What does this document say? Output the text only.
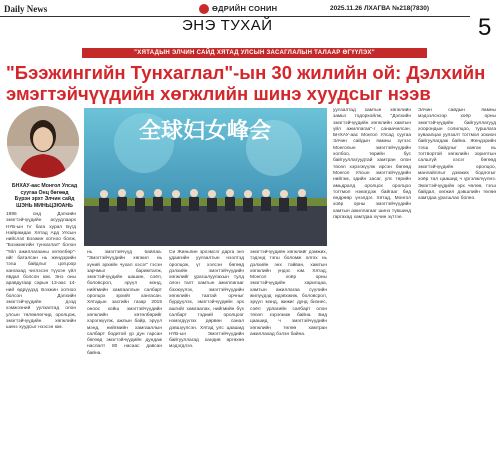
Daily News	ӨДРИЙН СОНИН	2025.11.26 ЛХАГВА №218(7830)
5
ЭНЭ ТУХАЙ
"ХЯТАДЫН ЭЛЧИН САЙД ХЯТАД УЛСЫН ЗАСАГЛАЛЫН ТАЛААР ӨГҮҮЛЭХ"
"Бээжингийн Тунхаглал"-ын 30 жилийн ой: Дэлхийн эмэгтэйчүүдийн хөгжлийн шинэ хуудсыг нээв
БНХАУ-аас Монгол Улсад
суугаа Онц бөгөөд
Бүрэн эрхт Элчин сайд
ШЭНЬ МИНЬЦЗЮАНЬ
全球妇女峰会
1995 онд Дэлхийн эмэгтэйчүүдийн асуудлаарх НҮБ-ын IV бага хурал Бүгд Найрамдах Хятад Ард Улсын нийслэл Бээжин хотноо болж, "Бээжингийн тунхаглал" болон "Үйл ажиллагааны хөтөлбөр"-ийг баталсан нь жендэрийн тэгш байдлыг цогцоор хангахад чиглэсэн түүхэн үйл явдал болсон юм. Энэ оны аравдугаар сарын 13-аас 14-ний өдрүүдэд Бээжин хотноо болсон Дэлхийн эмэгтэйчүүдийн дээд хэмжээний уулзалтад олон улсын төлөөлөгчид оролцож, эмэгтэйчүүдийн хөгжлийн шинэ хуудсыг нээсэн юм.
нь эмэгтэйчүүд байлаа. "Эмэгтэйчүүдийн хөгжил нь хүний эрхийн чухал хэсэг" гэсэн зарчмыг баримталж, эмэгтэйчүүдийн шашин, соёл, боловсрол, эрүүл мэнд, нийгмийн хамгааллын салбарт оролцох эрхийг хангасан. Хятадын засгийн газар 2015 оноос хойш эмэгтэйчүүдийн хөгжлийн хөтөлбөрийг хэрэгжүүлж, ажлын байр, эрүүл мэнд, нийгмийн хамгааллын салбарт бодитой үр дүн гарсан бөгөөд эмэгтэйчүүдийн дундаж наслалт 80 насаас давсан байна.
Си Жиньпин эрхэмсэг дарга энэ удаагийн уулзалтын нээлтэд оролцож, үг хэлсэн бөгөөд дэлхийн эмэгтэйчүүдийн хөгжлийг урагшлуулахын тулд олон талт хамтын ажиллагааг бэхжүүлэх, эмэгтэйчүүдийн хөгжлийн таатай орчныг бүрдүүлэх, эмэгтэйчүүдийн эрх ашгийг хамгаалах, нийгмийн бүх салбарт тэдний оролцоог нэмэгдүүлэх дөрвөн санал дэвшүүлсэн. Хятад улс цаашид НҮБ-ын Эмэгтэйчүүдийн байгууллагад хандив өргөхөө мэдэгдлээ.
эмэгтэйчүүдийн хөгжлийг дэмжих, тэдэнд тэгш боломж олгох нь дэлхийн энх тайван, хамтын хөгжлийн үндэс юм. Хятад, Монгол хоёр орны эмэгтэйчүүдийн харилцаа, хамтын ажиллагаа сүүлийн жилүүдэд идэвхжиж, боловсрол, эрүүл мэнд, жижиг дунд бизнес, соёл урлагийн салбарт олон төсөл хэрэгжиж байна. Бид цаашид ч эмэгтэйчүүдийн хөгжлийн төлөө хамтран ажиллахад бэлэн байна.
уулзалтад хамтын хөгжлийн замыг тодорхойлж, "Дэлхийн эмэгтэйчүүдийн хөгжлийн хамтын үйл ажиллагаа"-г санаачилсан. БНХАУ-аас Монгол Улсад суугаа Элчин сайдын яамны зүгээс Монголын эмэгтэйчүүдийн холбоо, төрийн бус байгууллагуудтай хамтран олон төсөл хэрэгжүүлж ирсэн бөгөөд Монгол Улсын эмэгтэйчүүдийн нийгэм, эдийн засаг, улс төрийн амьдралд оролцох оролцоо тогтмол нэмэгдэж байгааг бид өндрөөр үнэлдэг. Хятад, Монгол хоёр орны эмэгтэйчүүдийн хамтын ажиллагааг шинэ түвшинд гаргахад хамтдаа хүчин зүтгэе.
Элчин сайдын яамны мэдээлснээр хоёр орны эмэгтэйчүүдийн байгууллагууд хоорондын солилцоо, туршлага хуваалцах уулзалт тогтмол зохион байгуулагдаж байна. Жендэрийн тэгш байдлыг хангах нь тогтвортой хөгжлийн зорилтын салшгүй хэсэг бөгөөд эмэгтэйчүүдийн оролцоо, манлайллыг дэмжих бодлогыг хоёр тал цаашид ч үргэлжлүүлнэ. Эмэгтэйчүүдийн эрх чөлөө, тэгш байдал, хөгжил дэвшлийн төлөө хамтдаа урагшлах болно.
